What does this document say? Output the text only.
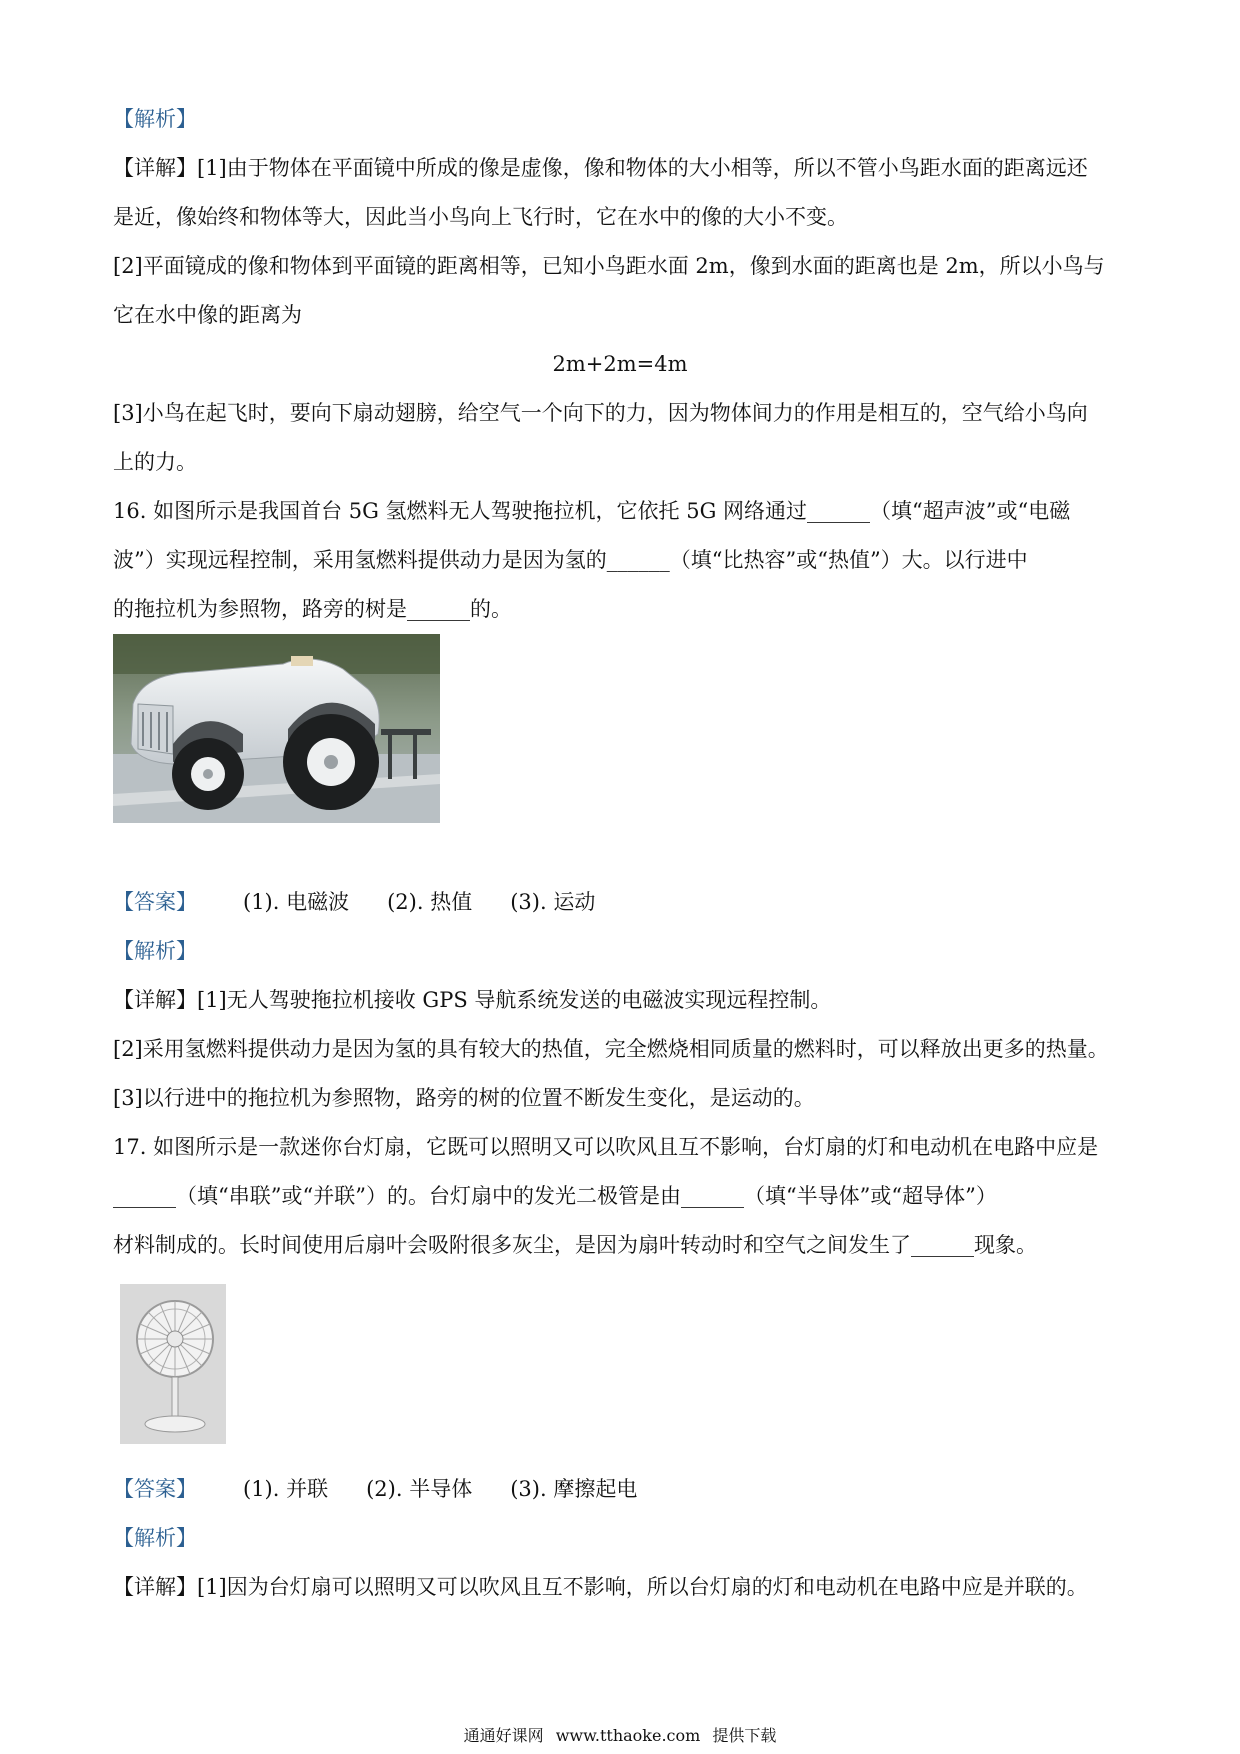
【解析】
【详解】[1]由于物体在平面镜中所成的像是虚像，像和物体的大小相等，所以不管小鸟距水面的距离远还
是近，像始终和物体等大，因此当小鸟向上飞行时，它在水中的像的大小不变。
[2]平面镜成的像和物体到平面镜的距离相等，已知小鸟距水面 2m，像到水面的距离也是 2m，所以小鸟与
它在水中像的距离为
2m+2m=4m
[3]小鸟在起飞时，要向下扇动翅膀，给空气一个向下的力，因为物体间力的作用是相互的，空气给小鸟向
上的力。
16. 如图所示是我国首台 5G 氢燃料无人驾驶拖拉机，它依托 5G 网络通过______（填“超声波”或“电磁
波”）实现远程控制，采用氢燃料提供动力是因为氢的______（填“比热容”或“热值”）大。以行进中
的拖拉机为参照物，路旁的树是______的。
【答案】 (1). 电磁波 (2). 热值 (3). 运动
【解析】
【详解】[1]无人驾驶拖拉机接收 GPS 导航系统发送的电磁波实现远程控制。
[2]采用氢燃料提供动力是因为氢的具有较大的热值，完全燃烧相同质量的燃料时，可以释放出更多的热量。
[3]以行进中的拖拉机为参照物，路旁的树的位置不断发生变化，是运动的。
17. 如图所示是一款迷你台灯扇，它既可以照明又可以吹风且互不影响，台灯扇的灯和电动机在电路中应是
______（填“串联”或“并联”）的。台灯扇中的发光二极管是由______（填“半导体”或“超导体”）
材料制成的。长时间使用后扇叶会吸附很多灰尘，是因为扇叶转动时和空气之间发生了______现象。
【答案】 (1). 并联 (2). 半导体 (3). 摩擦起电
【解析】
【详解】[1]因为台灯扇可以照明又可以吹风且互不影响，所以台灯扇的灯和电动机在电路中应是并联的。
通通好课网 www.tthaoke.com 提供下载
